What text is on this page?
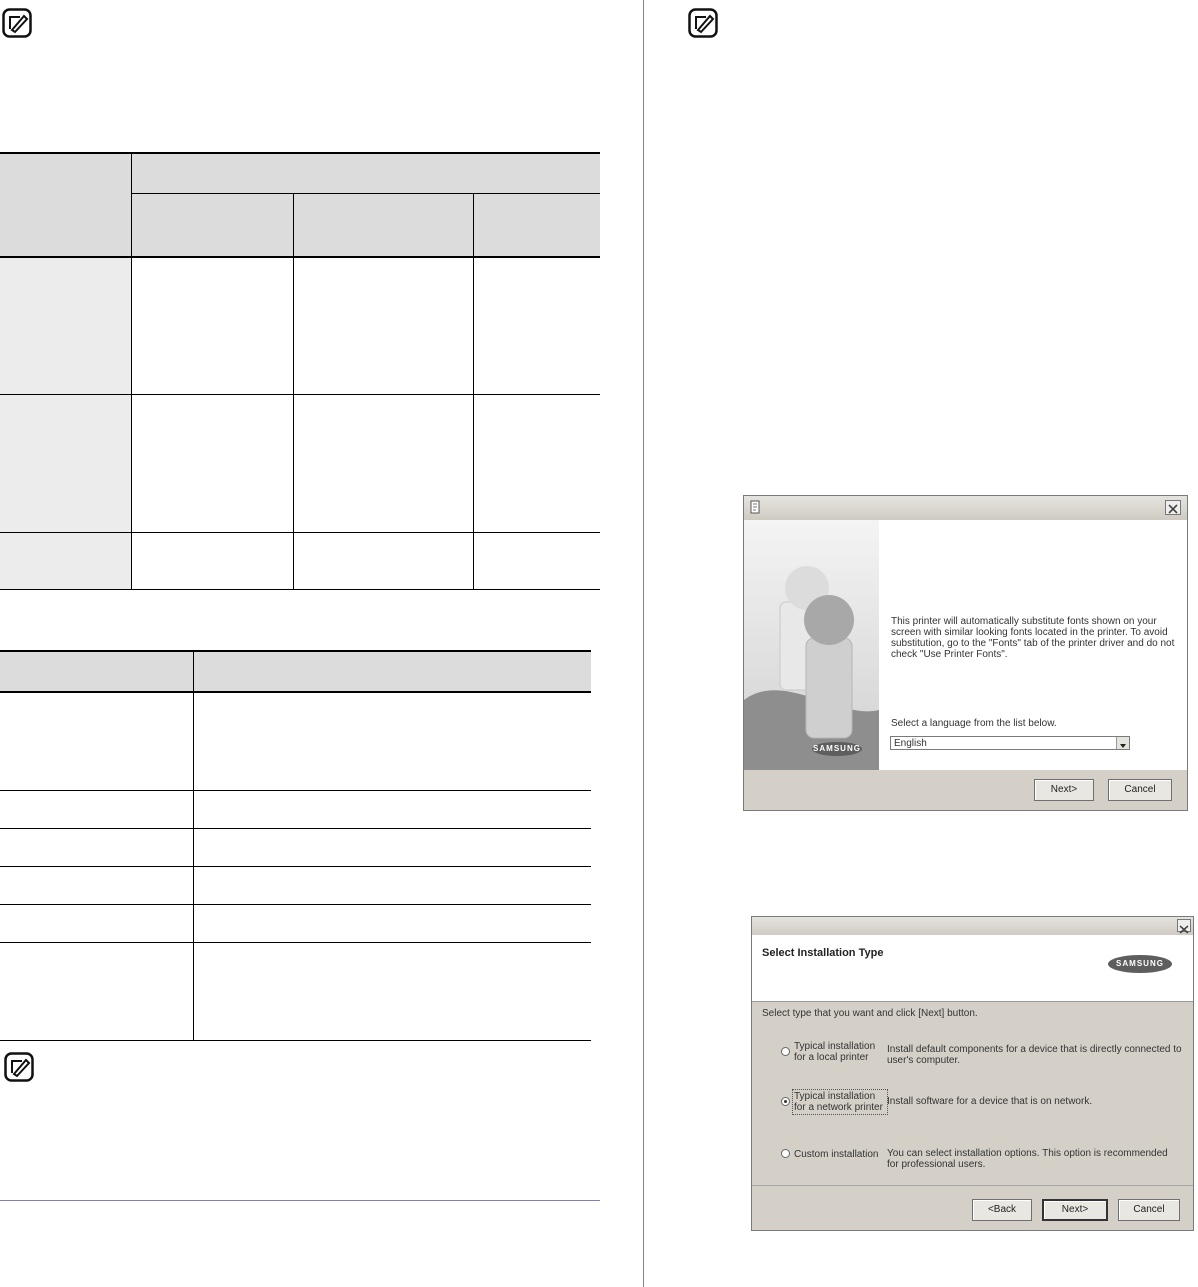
SAMSUNG
This printer will automatically substitute fonts shown on your screen with similar looking fonts located in the printer. To avoid substitution, go to the "Fonts" tab of the printer driver and do not check "Use Printer Fonts".
Select a language from the list below.
English
Next>	Cancel
Select Installation Type
SAMSUNG
Select type that you want and click [Next] button.
Typical installation for a local printer
Install default components for a device that is directly connected to user's computer.
Typical installation for a network printer
Install software for a device that is on network.
Custom installation You can select installation options. This option is recommended for professional users.
<Back	Next>	Cancel
